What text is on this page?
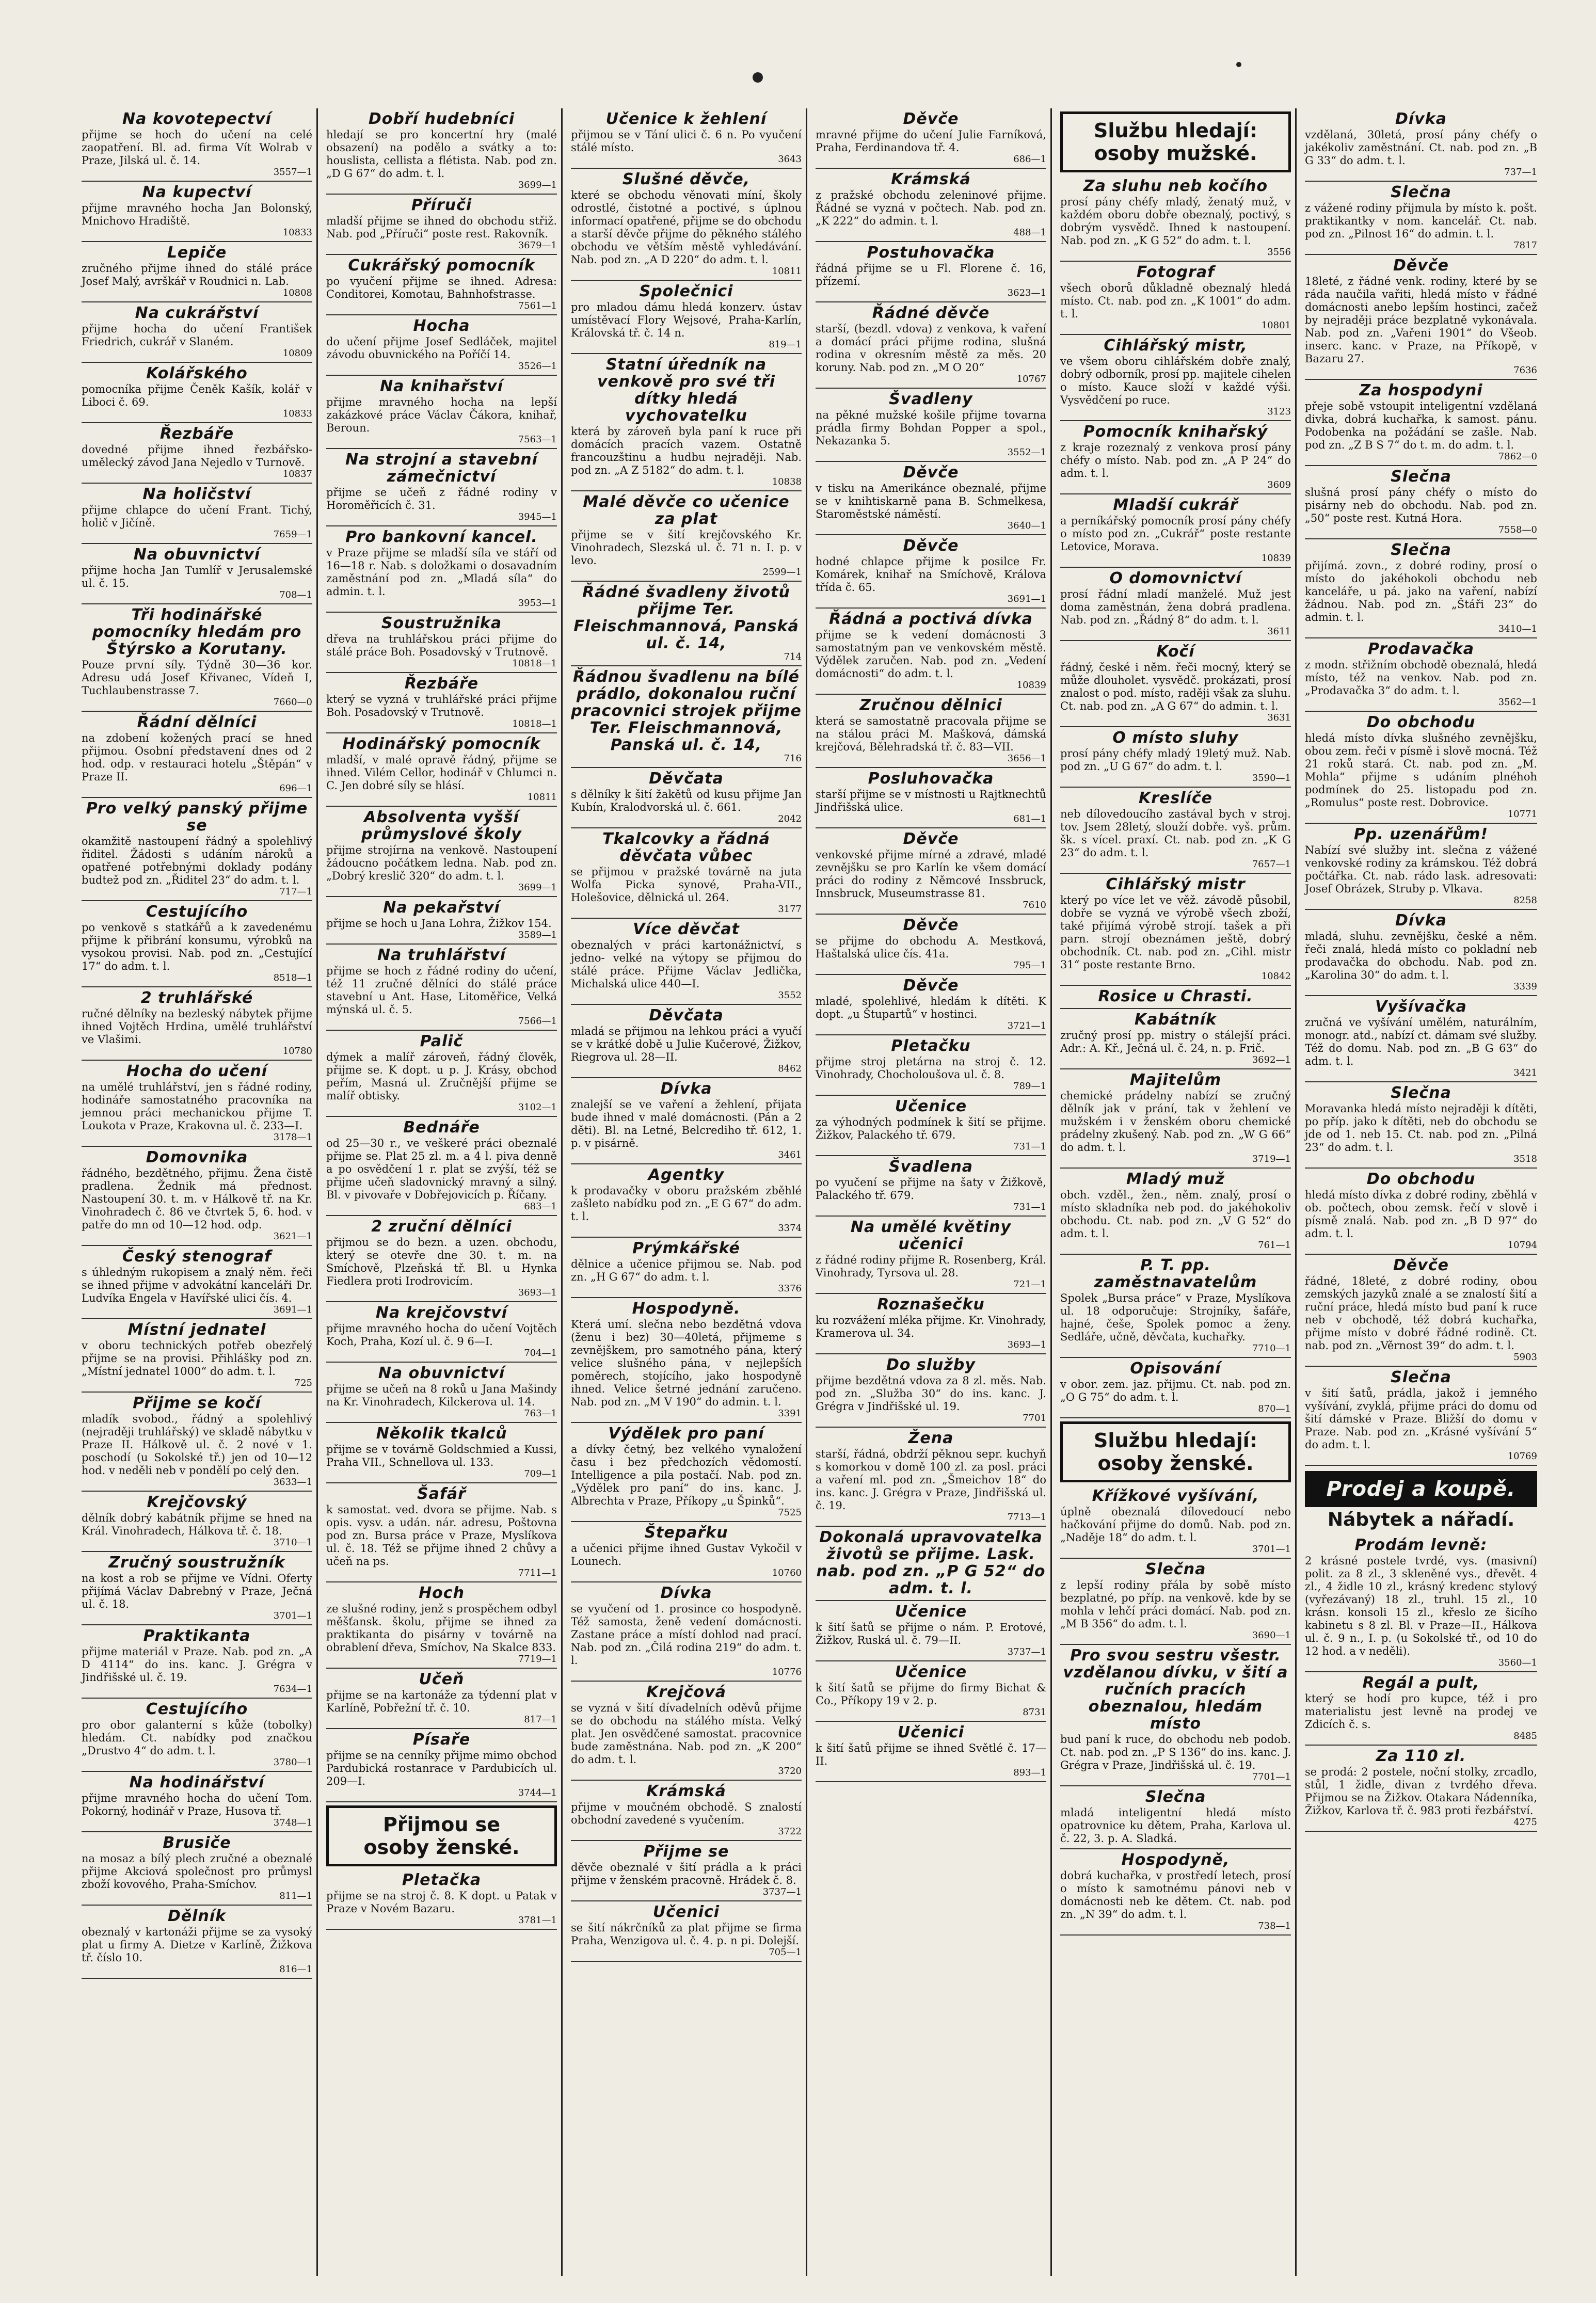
Na kovotepectví

přijme se hoch do učení na celé zaopatření. Bl. ad. firma Vít Wolrab v Praze, Jilská ul. č. 14.

3557—1

Na kupectví

přijme mravného hocha Jan Bolonský, Mnichovo Hradiště.

10833

Lepiče

zručného přijme ihned do stálé práce Josef Malý, avrškář v Roudnici n. Lab.

10808

Na cukrářství

přijme hocha do učení František Friedrich, cukrář v Slaném.

10809

Kolářského

pomocníka přijme Čeněk Kašík, kolář v Liboci č. 69.

10833

Řezbáře

dovedné přijme ihned řezbářsko-umělecký závod Jana Nejedlo v Turnově.

10837

Na holičství

přijme chlapce do učení Frant. Tichý, holič v Jičíně.

7659—1

Na obuvnictví

přijme hocha Jan Tumlíř v Jerusalemské ul. č. 15.

708—1

Tři hodinářské pomocníky hledám pro Štýrsko a Korutany.

Pouze první síly. Týdně 30—36 kor. Adresu udá Josef Křivanec, Vídeň I, Tuchlaubenstrasse 7.

7660—0

Řádní dělníci

na zdobení kožených prací se hned přijmou. Osobní představení dnes od 2 hod. odp. v restauraci hotelu „Štěpán“ v Praze II.

696—1

Pro velký panský přijme se

okamžitě nastoupení řádný a spolehlivý řiditel. Žádosti s udáním nároků a opatřené potřebnými doklady podány budtež pod zn. „Řiditel 23“ do adm. t. l.

717—1

Cestujícího

po venkově s statkářů a k zavedenému přijme k přibrání konsumu, výrobků na vysokou provisi. Nab. pod zn. „Cestující 17“ do adm. t. l.

8518—1

2 truhlářské

ručné dělníky na bezleský nábytek přijme ihned Vojtěch Hrdina, umělé truhlářství ve Vlašimi.

10780

Hocha do učení

na umělé truhlářství, jen s řádné rodiny, hodináře samostatného pracovníka na jemnou práci mechanickou přijme T. Loukota v Praze, Krakovna ul. č. 233—I.

3178—1

Domovnika

řádného, bezdětného, přijmu. Žena čistě pradlena. Žednik má přednost. Nastoupení 30. t. m. v Hálkově tř. na Kr. Vinohradech č. 86 ve čtvrtek 5, 6. hod. v patře do mn od 10—12 hod. odp.

3621—1

Český stenograf

s úhledným rukopisem a znalý něm. řeči se ihned přijme v advokátní kanceláři Dr. Ludvíka Engela v Havířské ulici čís. 4.

3691—1

Místní jednatel

v oboru technických potřeb obezřelý přijme se na provisi. Přihlášky pod zn. „Místní jednatel 1000“ do adm. t. l.

725

Přijme se kočí

mladík svobod., řádný a spolehlivý (nejraději truhlářský) ve skladě nábytku v Praze II. Hálkově ul. č. 2 nové v 1. poschodí (u Sokolské tř.) jen od 10—12 hod. v neděli neb v pondělí po celý den.

3633—1

Krejčovský

dělník dobrý kabátník přijme se hned na Král. Vinohradech, Hálkova tř. č. 18.

3710—1

Zručný soustružník

na kost a rob se přijme ve Vídni. Oferty přijímá Václav Dabrebný v Praze, Ječná ul. č. 18.

3701—1

Praktikanta

přijme materiál v Praze. Nab. pod zn. „A D 4114“ do ins. kanc. J. Grégra v Jindřišské ul. č. 19.

7634—1

Cestujícího

pro obor galanterní s kůže (tobolky) hledám. Ct. nabídky pod značkou „Drustvo 4“ do adm. t. l.

3780—1

Na hodinářství

přijme mravného hocha do učení Tom. Pokorný, hodinář v Praze, Husova tř.

3748—1

Brusiče

na mosaz a bílý plech zručné a obeznalé přijme Akciová společnost pro průmysl zboží kovového, Praha-Smíchov.

811—1

Dělník

obeznalý v kartonáži přijme se za vysoký plat u firmy A. Dietze v Karlíně, Žižkova tř. číslo 10.

816—1

Dobří hudebníci

hledají se pro koncertní hry (malé obsazení) na podělo a svátky a to: houslista, cellista a flétista. Nab. pod zn. „D G 67“ do adm. t. l.

3699—1

Příruči

mladší přijme se ihned do obchodu střiž. Nab. pod „Příruči“ poste rest. Rakovník.

3679—1

Cukrářský pomocník

po vyučení přijme se ihned. Adresa: Conditorei, Komotau, Bahnhofstrasse.

7561—1

Hocha

do učení přijme Josef Sedláček, majitel závodu obuvnického na Poříčí 14.

3526—1

Na knihařství

přijme mravného hocha na lepší zakázkové práce Václav Čákora, knihař, Beroun.

7563—1

Na strojní a stavební zámečnictví

přijme se učeň z řádné rodiny v Horoměřicích č. 31.

3945—1

Pro bankovní kancel.

v Praze přijme se mladší síla ve stáří od 16—18 r. Nab. s doložkami o dosavadním zaměstnání pod zn. „Mladá síla“ do admin. t. l.

3953—1

Soustružnika

dřeva na truhlářskou práci přijme do stálé práce Boh. Posadovský v Trutnově.

10818—1

Řezbáře

který se vyzná v truhlářské práci přijme Boh. Posadovský v Trutnově.

10818—1

Hodinářský pomocník

mladší, v malé opravě řádný, přijme se ihned. Vilém Cellor, hodinář v Chlumci n. C. Jen dobré síly se hlásí.

10811

Absolventa vyšší průmyslové školy

přijme strojírna na venkově. Nastoupení žádoucno počátkem ledna. Nab. pod zn. „Dobrý kreslič 320“ do adm. t. l.

3699—1

Na pekařství

přijme se hoch u Jana Lohra, Žižkov 154.

3589—1

Na truhlářství

přijme se hoch z řádné rodiny do učení, též 11 zručné dělníci do stálé práce stavební u Ant. Hase, Litoměřice, Velká mýnská ul. č. 5.

7566—1

Palič

dýmek a malíř zároveň, řádný člověk, přijme se. K dopt. u p. J. Krásy, obchod peřím, Masná ul. Zručnější přijme se malíř obtisky.

3102—1

Bednáře

od 25—30 r., ve veškeré práci obeznalé přijme se. Plat 25 zl. m. a 4 l. piva denně a po osvědčení 1 r. plat se zvýší, též se přijme učeň sladovnický mravný a silný. Bl. v pivovaře v Dobřejovicích p. Říčany.

683—1

2 zruční dělníci

přijmou se do bezn. a uzen. obchodu, který se otevře dne 30. t. m. na Smíchově, Plzeňská tř. Bl. u Hynka Fiedlera proti Irodrovicím.

3693—1

Na krejčovství

přijme mravného hocha do učení Vojtěch Koch, Praha, Kozí ul. č. 9 6—I.

704—1

Na obuvnictví

přijme se učeň na 8 roků u Jana Mašindy na Kr. Vinohradech, Kilckerova ul. 14.

763—1

Několik tkalců

přijme se v továrně Goldschmied a Kussi, Praha VII., Schnellova ul. 133.

709—1

Šafář

k samostat. ved. dvora se přijme. Nab. s opis. vysv. a udán. nár. adresu, Poštovna pod zn. Bursa práce v Praze, Myslíkova ul. č. 18. Též se přijme ihned 2 chůvy a učeň na ps.

7711—1

Hoch

ze slušné rodiny, jenž s prospěchem odbyl měšťansk. školu, přijme se ihned za praktikanta do pisárny v továrně na obrablení dřeva, Smíchov, Na Skalce 833.

7719—1

Učeň

přijme se na kartonáže za týdenní plat v Karlíně, Pobřežní tř. č. 10.

817—1

Písaře

přijme se na cenníky přijme mimo obchod Pardubická rostanrace v Pardubicích ul. 209—I.

3744—1

Přijmou se
osoby ženské.
Pletačka

přijme se na stroj č. 8. K dopt. u Patak v Praze v Novém Bazaru.

3781—1

Učenice k žehlení

přijmou se v Tání ulici č. 6 n. Po vyučení stálé místo.

3643

Slušné děvče,

které se obchodu věnovati míní, školy odrostlé, čistotné a poctivé, s úplnou informací opatřené, přijme se do obchodu a starší děvče přijme do pěkného stálého obchodu ve větším městě vyhledávání. Nab. pod zn. „A D 220“ do adm. t. l.

10811

Společnici

pro mladou dámu hledá konzerv. ústav umístěvací Flory Wejsové, Praha-Karlín, Královská tř. č. 14 n.

819—1

Statní úředník na venkově pro své tři dítky hledá vychovatelku

která by zároveň byla paní k ruce při domácích pracích vazem. Ostatně francouzštinu a hudbu nejraději. Nab. pod zn. „A Z 5182“ do adm. t. l.

10838

Malé děvče co učenice za plat

přijme se v šití krejčovského Kr. Vinohradech, Slezská ul. č. 71 n. I. p. v levo.

2599—1

Řádné švadleny životů přijme Ter. Fleischmannová, Panská ul. č. 14,

714

Řádnou švadlenu na bílé prádlo, dokonalou ruční pracovnici strojek přijme Ter. Fleischmannová, Panská ul. č. 14,

716

Děvčata

s dělníky k šití žakětů od kusu přijme Jan Kubín, Kralodvorská ul. č. 661.

2042

Tkalcovky a řádná děvčata vůbec

se přijmou v pražské továrně na juta Wolfa Picka synové, Praha-VII., Holešovice, dělnická ul. 264.

3177

Více děvčat

obeznalých v práci kartonážnictví, s jedno- velké na výtopy se přijmou do stálé práce. Přijme Václav Jedlička, Michalská ulice 440—I.

3552

Děvčata

mladá se přijmou na lehkou práci a vyučí se v krátké době u Julie Kučerové, Žižkov, Riegrova ul. 28—II.

8462

Dívka

znalejší se ve vaření a žehlení, přijata bude ihned v malé domácnosti. (Pán a 2 děti). Bl. na Letné, Belcrediho tř. 612, 1. p. v pisárně.

3461

Agentky

k prodavačky v oboru pražském zběhlé zašleto nabídku pod zn. „E G 67“ do adm. t. l.

3374

Prýmkářské

dělnice a učenice přijmou se. Nab. pod zn. „H G 67“ do adm. t. l.

3376

Hospodyně.

Která umí. slečna nebo bezdětná vdova (ženu i bez) 30—40letá, přijmeme s zevnějškem, pro samotného pána, který velice slušného pána, v nejlepších poměrech, stojícího, jako hospodyně ihned. Velice šetrné jednání zaručeno. Nab. pod zn. „M V 190“ do admin. t. l.

3391

Výdělek pro paní

a dívky četný, bez velkého vynaložení času i bez předchozích vědomostí. Intelligence a pila postačí. Nab. pod zn. „Výdělek pro paní“ do ins. kanc. J. Albrechta v Praze, Příkopy „u Špinků“.

7525

Štepařku

a učenici přijme ihned Gustav Vykočil v Lounech.

10760

Dívka

se vyučení od 1. prosince co hospodyně. Též samosta, ženě vedení domácnosti. Zastane práce a místí dohlod nad prací. Nab. pod zn. „Čilá rodina 219“ do adm. t. l.

10776

Krejčová

se vyzná v šití dívadelních oděvů přijme se do obchodu na stálého místa. Velký plat. Jen osvědčené samostat. pracovnice bude zaměstnána. Nab. pod zn. „K 200“ do adm. t. l.

3720

Krámská

přijme v moučném obchodě. S znalostí obchodní zavedené s vyučením.

3722

Přijme se

děvče obeznalé v šití prádla a k práci přijme v ženském pracovně. Hrádek č. 8.

3737—1

Učenici

se šití nákrčníků za plat přijme se firma Praha, Wenzigova ul. č. 4. p. n pi. Dolejší.

705—1

Děvče

mravné přijme do učení Julie Farníková, Praha, Ferdinandova tř. 4.

686—1

Krámská

z pražské obchodu zeleninové přijme. Řádné se vyzná v počtech. Nab. pod zn. „K 222“ do admin. t. l.

488—1

Postuhovačka

řádná přijme se u Fl. Florene č. 16, přízemí.

3623—1

Řádné děvče

starší, (bezdl. vdova) z venkova, k vaření a domácí práci přijme rodina, slušná rodina v okresním městě za měs. 20 koruny. Nab. pod zn. „M O 20“

10767

Švadleny

na pěkné mužské košile přijme tovarna prádla firmy Bohdan Popper a spol., Nekazanka 5.

3552—1

Děvče

v tisku na Amerikánce obeznalé, přijme se v knihtiskarně pana B. Schmelkesa, Staroměstské náměstí.

3640—1

Děvče

hodné chlapce přijme k posilce Fr. Komárek, knihař na Smíchově, Králova třída č. 65.

3691—1

Řádná a poctivá dívka

přijme se k vedení domácnosti 3 samostatným pan ve venkovském městě. Výdělek zaručen. Nab. pod zn. „Vedení domácnosti“ do adm. t. l.

10839

Zručnou dělnici

která se samostatně pracovala přijme se na stálou práci M. Mašková, dámská krejčová, Bělehradská tř. č. 83—VII.

3656—1

Posluhovačka

starší přijme se v místnosti u Rajtknechtů Jindřišská ulice.

681—1

Děvče

venkovské přijme mírné a zdravé, mladé zevnějšku se pro Karlín ke všem domácí práci do rodiny z Němcové Inssbruck, Innsbruck, Museumstrasse 81.

7610

Děvče

se přijme do obchodu A. Mestková, Haštalská ulice čís. 41a.

795—1

Děvče

mladé, spolehlivé, hledám k dítěti. K dopt. „u Štupartů“ v hostinci.

3721—1

Pletačku

přijme stroj pletárna na stroj č. 12. Vinohrady, Chocholoušova ul. č. 8.

789—1

Učenice

za výhodných podmínek k šití se přijme. Žižkov, Palackého tř. 679.

731—1

Švadlena

po vyučení se přijme na šaty v Žižkově, Palackého tř. 679.

731—1

Na umělé květiny učenici

z řádné rodiny přijme R. Rosenberg, Král. Vinohrady, Tyrsova ul. 28.

721—1

Roznašečku

ku rozvážení mléka přijme. Kr. Vinohrady, Kramerova ul. 34.

3693—1

Do služby

přijme bezdětná vdova za 8 zl. měs. Nab. pod zn. „Služba 30“ do ins. kanc. J. Grégra v Jindřišské ul. 19.

7701

Žena

starší, řádná, obdrží pěknou sepr. kuchyň s komorkou v domě 100 zl. za posl. práci a vaření ml. pod zn. „Šmeichov 18“ do ins. kanc. J. Grégra v Praze, Jindřišská ul. č. 19.

7713—1

Dokonalá upravovatelka životů se přijme. Lask. nab. pod zn. „P G 52“ do adm. t. l.
Učenice

k šití šatů se přijme o nám. P. Erotové, Žižkov, Ruská ul. č. 79—II.

3737—1

Učenice

k šití šatů se přijme do firmy Bichat & Co., Příkopy 19 v 2. p.

8731

Učenici

k šití šatů přijme se ihned Světlé č. 17—II.

893—1

Službu hledají:
osoby mužské.
Za sluhu neb kočího

prosí pány chéfy mladý, ženatý muž, v každém oboru dobře obeznalý, poctivý, s dobrým vysvědč. Ihned k nastoupení. Nab. pod zn. „K G 52“ do adm. t. l.

3556

Fotograf

všech oborů důkladně obeznalý hledá místo. Ct. nab. pod zn. „K 1001“ do adm. t. l.

10801

Cihlářský mistr,

ve všem oboru cihlářském dobře znalý, dobrý odborník, prosí pp. majitele cihelen o místo. Kauce složí v každé výši. Vysvědčení po ruce.

3123

Pomocník knihařský

z kraje rozeznalý z venkova prosí pány chéfy o místo. Nab. pod zn. „A P 24“ do adm. t. l.

3609

Mladší cukrář

a perníkářský pomocník prosí pány chéfy o místo pod zn. „Cukrář“ poste restante Letovice, Morava.

10839

O domovnictví

prosí řádní mladí manželé. Muž jest doma zaměstnán, žena dobrá pradlena. Nab. pod zn. „Řádný 8“ do adm. t. l.

3611

Kočí

řádný, české i něm. řeči mocný, který se může dlouholet. vysvědč. prokázati, prosí znalost o pod. místo, raději však za sluhu. Ct. nab. pod zn. „A G 67“ do admin. t. l.

3631

O místo sluhy

prosí pány chéfy mladý 19letý muž. Nab. pod zn. „U G 67“ do adm. t. l.

3590—1

Kreslíče

neb dílovedoucího zastával bych v stroj. tov. Jsem 28letý, slouží dobře. vyš. prům. šk. s vícel. praxí. Ct. nab. pod zn. „K G 23“ do adm. t. l.

7657—1

Cihlářský mistr

který po více let ve věž. závodě působil, dobře se vyzná ve výrobě všech zboží, také přijímá výrobě strojí. tašek a při parn. strojí obeznámen ještě, dobrý obchodník. Ct. nab. pod zn. „Cihl. mistr 31“ poste restante Brno.

10842

Rosice u Chrasti.
Kabátník

zručný prosí pp. mistry o stálejší práci. Adr.: A. Kř., Ječná ul. č. 24, n. p. Frič.

3692—1

Majitelům

chemické prádelny nabízí se zručný dělník jak v prání, tak v žehlení ve mužském i v ženském oboru chemické prádelny zkušený. Nab. pod zn. „W G 66“ do adm. t. l.

3719—1

Mladý muž

obch. vzděl., žen., něm. znalý, prosí o místo skladníka neb pod. do jakéhokoliv obchodu. Ct. nab. pod zn. „V G 52“ do adm. t. l.

761—1

P. T. pp. zaměstnavatelům

Spolek „Bursa práce“ v Praze, Myslíkova ul. 18 odporučuje: Strojníky, šafáře, hajné, češe, Spolek pomoc a ženy. Sedláře, učně, děvčata, kuchařky.

7710—1

Opisování

v obor. zem. jaz. přijmu. Ct. nab. pod zn. „O G 75“ do adm. t. l.

870—1

Službu hledají:
osoby ženské.
Křížkové vyšívání,

úplně obeznalá dílovedoucí nebo hačkování přijme do domů. Nab. pod zn. „Naděje 18“ do adm. t. l.

3701—1

Slečna

z lepší rodiny přála by sobě místo bezplatné, po příp. na venkově. kde by se mohla v lehčí práci domácí. Nab. pod zn. „M B 356“ do adm. t. l.

3690—1

Pro svou sestru všestr. vzdělanou dívku, v šití a ručních pracích obeznalou, hledám místo

bud paní k ruce, do obchodu neb podob. Ct. nab. pod zn. „P S 136“ do ins. kanc. J. Grégra v Praze, Jindřišská ul. č. 19.

7701—1

Slečna

mladá inteligentní hledá místo opatrovnice ku dětem, Praha, Karlova ul. č. 22, 3. p. A. Sladká.

Hospodyně,

dobrá kuchařka, v prostředí letech, prosí o místo k samotnému pánovi neb v domácnosti neb ke dětem. Ct. nab. pod zn. „N 39“ do adm. t. l.

738—1

Dívka

vzdělaná, 30letá, prosí pány chéfy o jakékoliv zaměstnání. Ct. nab. pod zn. „B G 33“ do adm. t. l.

737—1

Slečna

z vážené rodiny přijmula by místo k. pošt. praktikantky v nom. kancelář. Ct. nab. pod zn. „Pilnost 16“ do admin. t. l.

7817

Děvče

18leté, z řádné venk. rodiny, které by se ráda naučila vařiti, hledá místo v řádné domácnosti anebo lepším hostinci, začež by nejraději práce bezplatně vykonávala. Nab. pod zn. „Vařeni 1901“ do Všeob. inserc. kanc. v Praze, na Příkopě, v Bazaru 27.

7636

Za hospodyni

přeje sobě vstoupit inteligentní vzdělaná divka, dobrá kuchařka, k samost. pánu. Podobenka na požádání se zašle. Nab. pod zn. „Z B S 7“ do t. m. do adm. t. l.

7862—0

Slečna

slušná prosí pány chéfy o místo do pisárny neb do obchodu. Nab. pod zn. „50“ poste rest. Kutná Hora.

7558—0

Slečna

přijímá. zovn., z dobré rodiny, prosí o místo do jakéhokoli obchodu neb kanceláře, u pá. jako na vaření, nabízí žádnou. Nab. pod zn. „Štáři 23“ do admin. t. l.

3410—1

Prodavačka

z modn. střižním obchodě obeznalá, hledá místo, též na venkov. Nab. pod zn. „Prodavačka 3“ do adm. t. l.

3562—1

Do obchodu

hledá místo dívka slušného zevnějšku, obou zem. řeči v písmě i slově mocná. Též 21 roků stará. Ct. nab. pod zn. „M. Mohla“ přijme s udáním plnéhoh podmínek do 25. listopadu pod zn. „Romulus“ poste rest. Dobrovice.

10771

Pp. uzenářům!

Nabízí své služby int. slečna z vážené venkovské rodiny za krámskou. Též dobrá počtářka. Ct. nab. rádo lask. adresovati: Josef Obrázek, Struby p. Vlkava.

8258

Dívka

mladá, sluhu. zevnějšku, české a něm. řeči znalá, hledá místo co pokladní neb prodavačka do obchodu. Nab. pod zn. „Karolina 30“ do adm. t. l.

3339

Vyšívačka

zručná ve vyšívání umělém, naturálním, monogr. atd., nabízí ct. dámam své služby. Též do domu. Nab. pod zn. „B G 63“ do adm. t. l.

3421

Slečna

Moravanka hledá místo nejraději k dítěti, po příp. jako k dítěti, neb do obchodu se jde od 1. neb 15. Ct. nab. pod zn. „Pilná 23“ do adm. t. l.

3518

Do obchodu

hledá místo dívka z dobré rodiny, zběhlá v ob. počtech, obou zemsk. řečí v slově i písmě znalá. Nab. pod zn. „B D 97“ do adm. t. l.

10794

Děvče

řádné, 18leté, z dobré rodiny, obou zemských jazyků znalé a se znalostí šití a ruční práce, hledá místo bud paní k ruce neb v obchodě, též dobrá kuchařka, přijme místo v dobré řádné rodině. Ct. nab. pod zn. „Věrnost 39“ do adm. t. l.

5903

Slečna

v šití šatů, prádla, jakož i jemného vyšívání, zvyklá, přijme práci do domu od šití dámské v Praze. Bližší do domu v Praze. Nab. pod zn. „Krásné vyšívání 5“ do adm. t. l.

10769

Prodej a koupě.
Nábytek a nářadí.
Prodám levně:

2 krásné postele tvrdé, vys. (masivní) polit. za 8 zl., 3 skleněné vys., dřevět. 4 zl., 4 židle 10 zl., krásný kredenc stylový (vyřezávaný) 18 zl., truhl. 15 zl., 10 krásn. konsoli 15 zl., křeslo ze šicího kabinetu s 8 zl. Bl. v Praze—II., Hálkova ul. č. 9 n., I. p. (u Sokolské tř., od 10 do 12 hod. a v neděli).

3560—1

Regál a pult,

který se hodí pro kupce, též i pro materialistu jest levně na prodej ve Zdicích č. s.

8485

Za 110 zl.

se prodá: 2 postele, noční stolky, zrcadlo, stůl, 1 židle, divan z tvrdého dřeva. Přijmou se na Žižkov. Otakara Nádenníka, Žižkov, Karlova tř. č. 983 proti řezbářství.

4275
